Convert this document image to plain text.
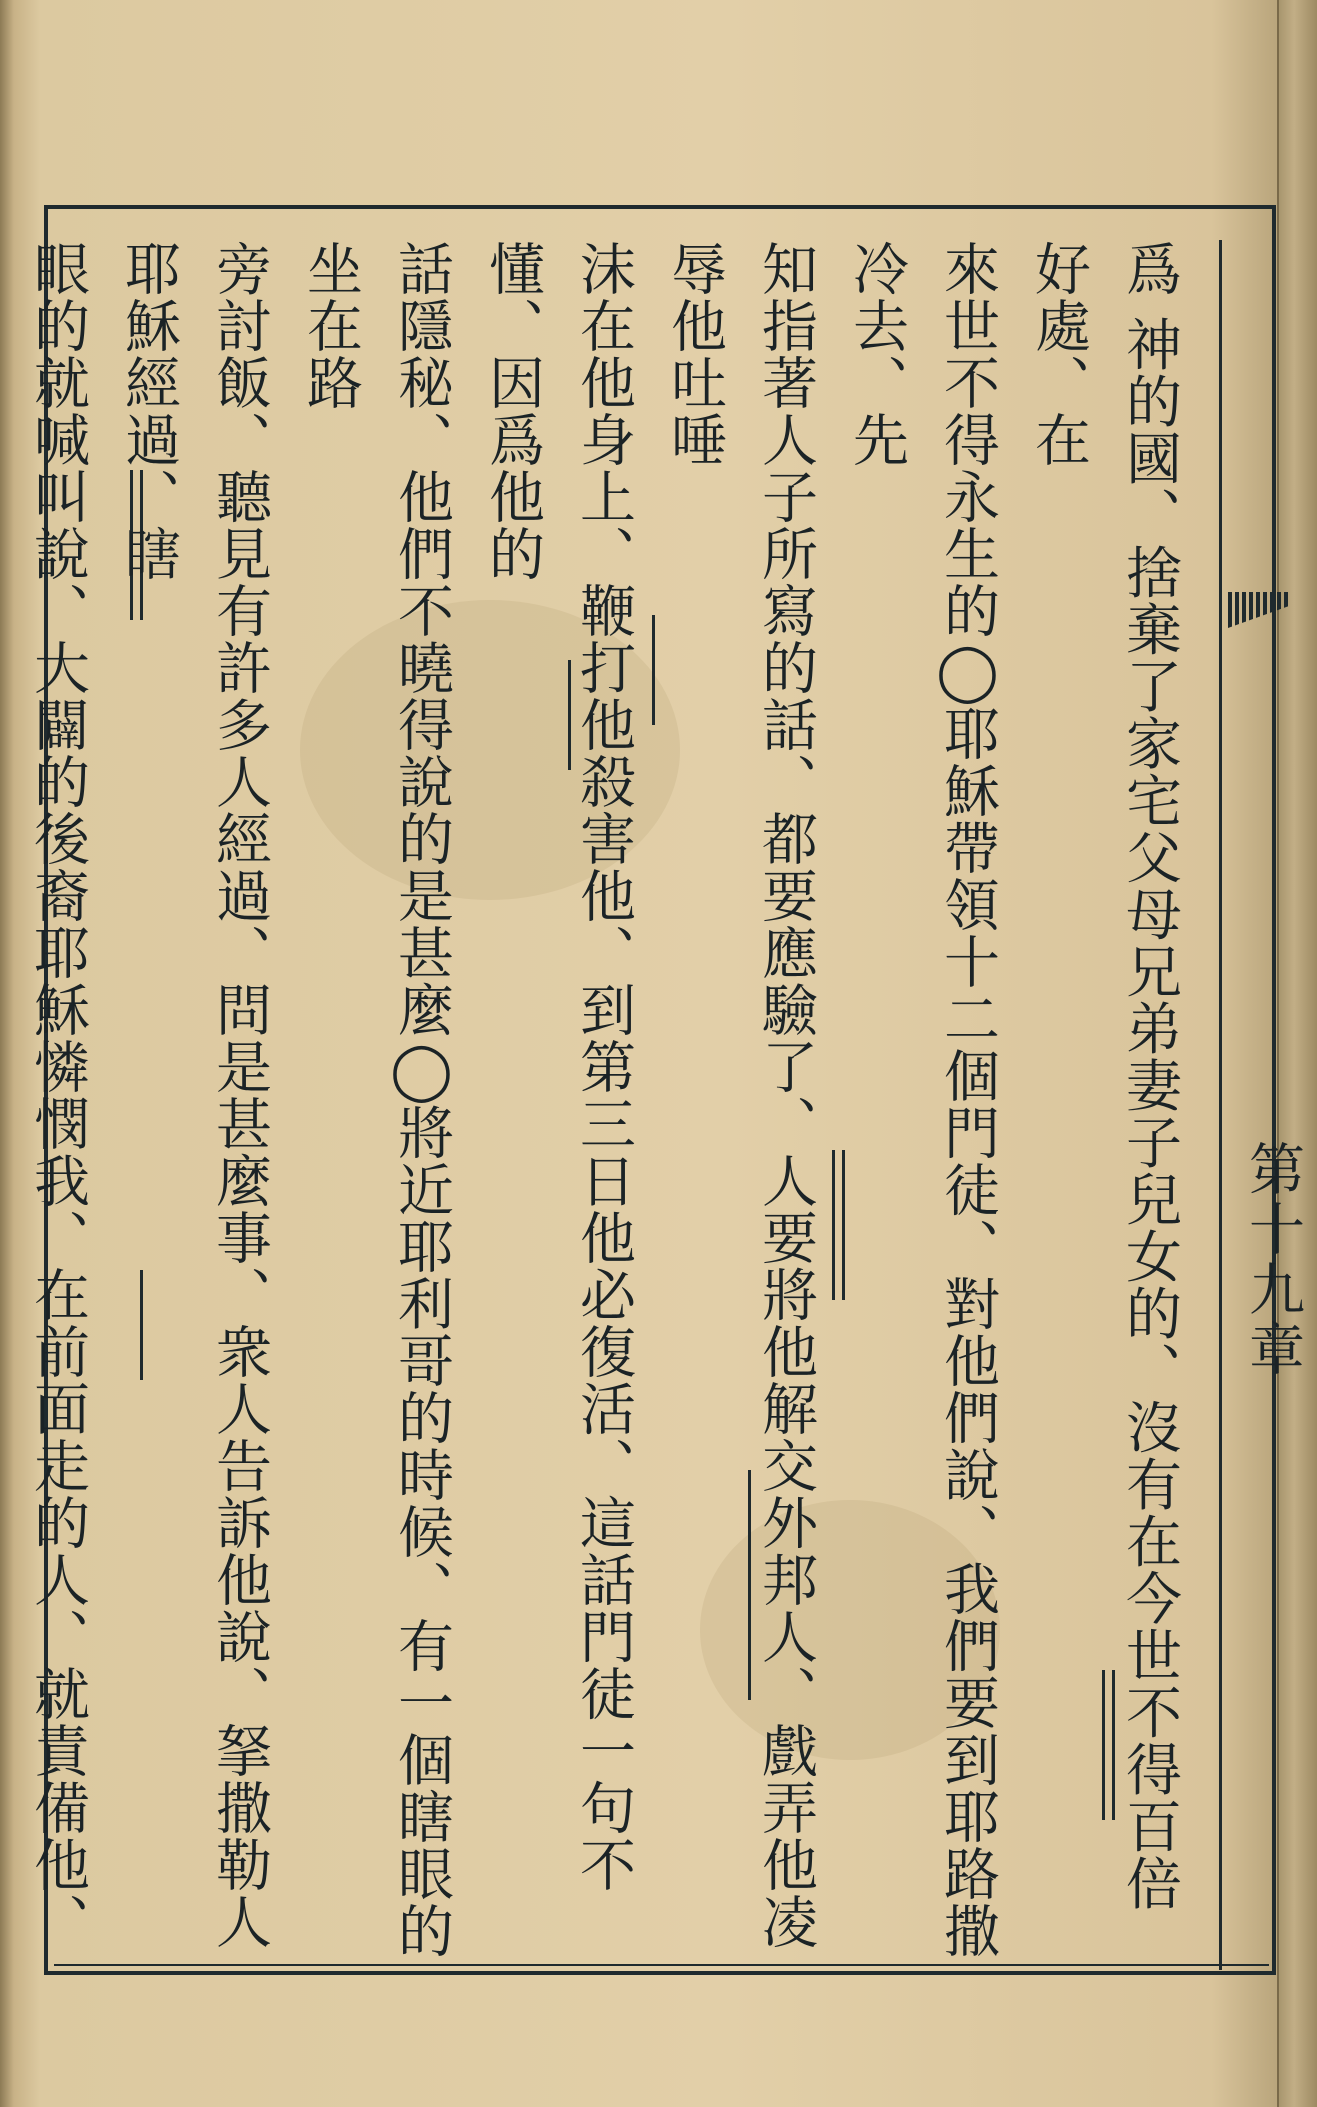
第十九章

爲 神的國、捨棄了家宅父母兄弟妻子兒女的、沒有在今世不得百倍好處、在

來世不得永生的◯耶穌帶領十二個門徒、對他們說、我們要到耶路撒冷去、先

知指著人子所寫的話、都要應驗了、人要將他解交外邦人、戲弄他凌辱他吐唾

沫在他身上、鞭打他殺害他、到第三日他必復活、這話門徒一句不懂、因爲他的

話隱秘、他們不曉得說的是甚麼◯將近耶利哥的時候、有一個瞎眼的坐在路

旁討飯、聽見有許多人經過、問是甚麼事、衆人告訴他說、拏撒勒人耶穌經過、瞎

眼的就喊叫說、大闢的後裔耶穌憐憫我、在前面走的人、就責備他、
